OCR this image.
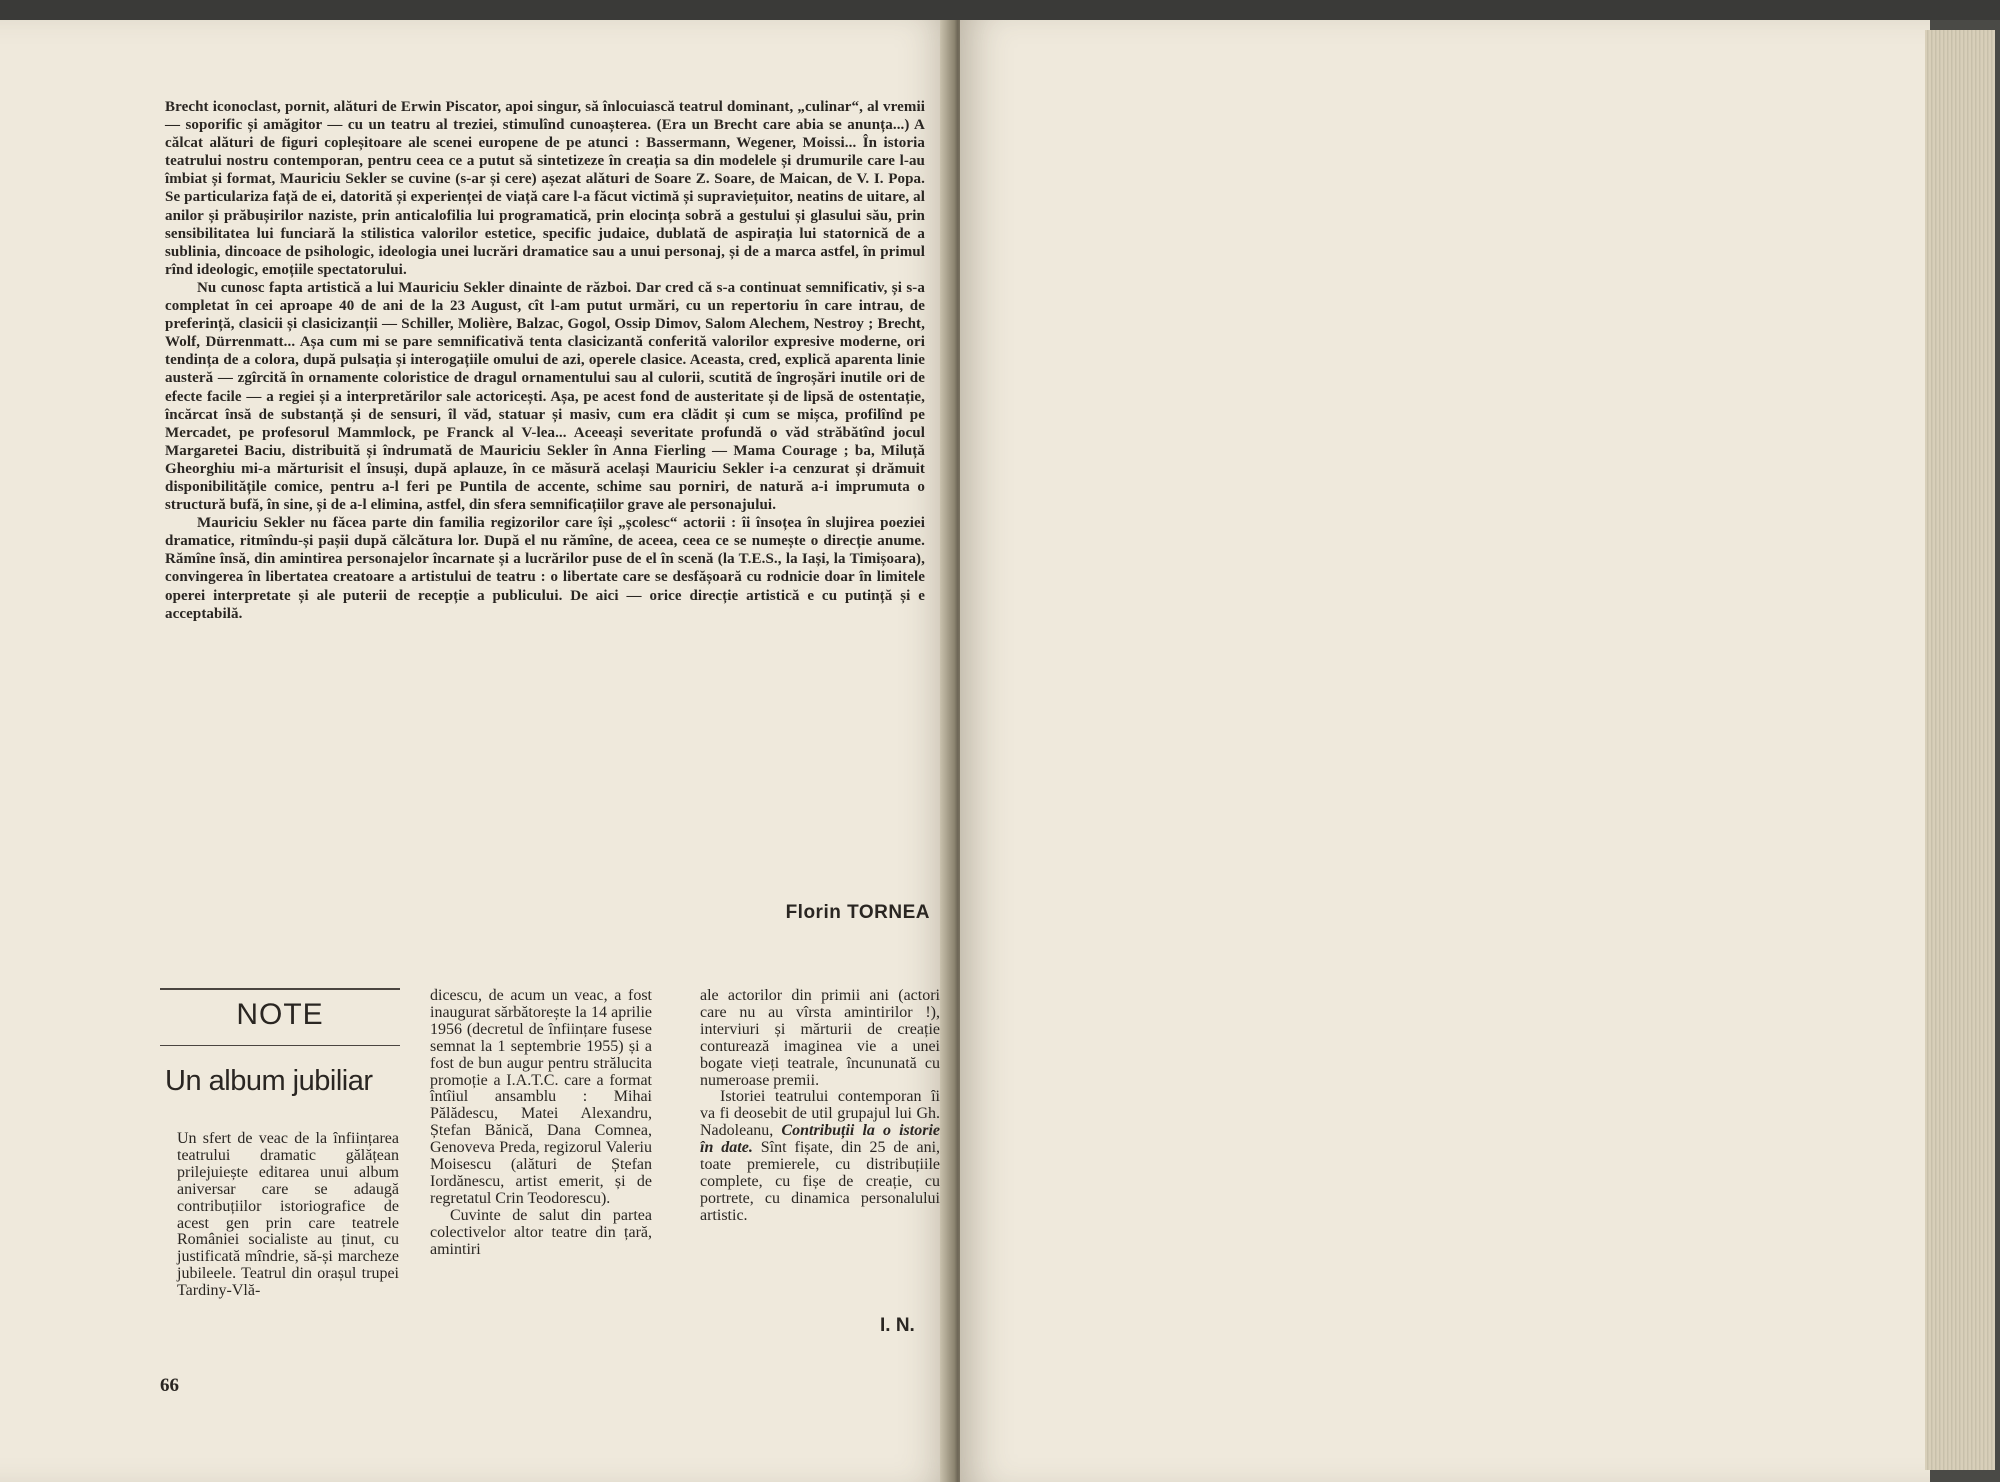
Brecht iconoclast, pornit, alături de Erwin Piscator, apoi singur, să înlocuiască teatrul dominant, „culinar“, al vremii — soporific și amăgitor — cu un teatru al treziei, stimulînd cunoașterea. (Era un Brecht care abia se anunța...) A călcat alături de figuri copleșitoare ale scenei europene de pe atunci : Bassermann, Wegener, Moissi... În istoria teatrului nostru contemporan, pentru ceea ce a putut să sintetizeze în creația sa din modelele și drumurile care l-au îmbiat și format, Mauriciu Sekler se cuvine (s-ar și cere) așezat alături de Soare Z. Soare, de Maican, de V. I. Popa. Se particulariza față de ei, datorită și experienței de viață care l-a făcut victimă și supraviețuitor, neatins de uitare, al anilor și prăbușirilor naziste, prin anticalofilia lui programatică, prin elocința sobră a gestului și glasului său, prin sensibilitatea lui funciară la stilistica valorilor estetice, specific judaice, dublată de aspirația lui statornică de a sublinia, dincoace de psihologic, ideologia unei lucrări dramatice sau a unui personaj, și de a marca astfel, în primul rînd ideologic, emoțiile spectatorului.

Nu cunosc fapta artistică a lui Mauriciu Sekler dinainte de război. Dar cred că s-a continuat semnificativ, și s-a completat în cei aproape 40 de ani de la 23 August, cît l-am putut urmări, cu un repertoriu în care intrau, de preferință, clasicii și clasicizanții — Schiller, Molière, Balzac, Gogol, Ossip Dimov, Salom Alechem, Nestroy ; Brecht, Wolf, Dürrenmatt... Așa cum mi se pare semnificativă tenta clasicizantă conferită valorilor expresive moderne, ori tendința de a colora, după pulsația și interogațiile omului de azi, operele clasice. Aceasta, cred, explică aparenta linie austeră — zgîrcită în ornamente coloristice de dragul ornamentului sau al culorii, scutită de îngroșări inutile ori de efecte facile — a regiei și a interpretărilor sale actoricești. Așa, pe acest fond de austeritate și de lipsă de ostentație, încărcat însă de substanță și de sensuri, îl văd, statuar și masiv, cum era clădit și cum se mișca, profilînd pe Mercadet, pe profesorul Mammlock, pe Franck al V-lea... Aceeași severitate profundă o văd străbătînd jocul Margaretei Baciu, distribuită și îndrumată de Mauriciu Sekler în Anna Fierling — Mama Courage ; ba, Miluță Gheorghiu mi-a mărturisit el însuși, după aplauze, în ce măsură același Mauriciu Sekler i-a cenzurat și drămuit disponibilitățile comice, pentru a-l feri pe Puntila de accente, schime sau porniri, de natură a-i imprumuta o structură bufă, în sine, și de a-l elimina, astfel, din sfera semnificațiilor grave ale personajului.

Mauriciu Sekler nu făcea parte din familia regizorilor care își „școlesc“ actorii : îi însoțea în slujirea poeziei dramatice, ritmîndu-și pașii după călcătura lor. După el nu rămîne, de aceea, ceea ce se numește o direcție anume. Rămîne însă, din amintirea personajelor încarnate și a lucrărilor puse de el în scenă (la T.E.S., la Iași, la Timișoara), convingerea în libertatea creatoare a artistului de teatru : o libertate care se desfășoară cu rodnicie doar în limitele operei interpretate și ale puterii de recepție a publicului. De aici — orice direcție artistică e cu putință și e acceptabilă.

Florin TORNEA
NOTE
Un album jubiliar

Un sfert de veac de la înființarea teatrului dramatic gălățean prilejuiește editarea unui album aniversar care se adaugă contribuțiilor istoriografice de acest gen prin care teatrele României socialiste au ținut, cu justificată mîndrie, să-și marcheze jubileele. Teatrul din orașul trupei Tardiny-Vlă-

dicescu, de acum un veac, a fost inaugurat sărbătorește la 14 aprilie 1956 (decretul de înființare fusese semnat la 1 septembrie 1955) și a fost de bun augur pentru strălucita promoție a I.A.T.C. care a format întîiul ansamblu : Mihai Pălădescu, Matei Alexandru, Ștefan Bănică, Dana Comnea, Genoveva Preda, regizorul Valeriu Moisescu (alături de Ștefan Iordănescu, artist emerit, și de regretatul Crin Teodorescu).

Cuvinte de salut din partea colectivelor altor teatre din țară, amintiri

ale actorilor din primii ani (actori care nu au vîrsta amintirilor !), interviuri și mărturii de creație conturează imaginea vie a unei bogate vieți teatrale, încununată cu numeroase premii.

Istoriei teatrului contemporan îi va fi deosebit de util grupajul lui Gh. Nadoleanu, Contribuții la o istorie în date. Sînt fișate, din 25 de ani, toate premierele, cu distribuțiile complete, cu fișe de creație, cu portrete, cu dinamica personalului artistic.

I. N.
66
